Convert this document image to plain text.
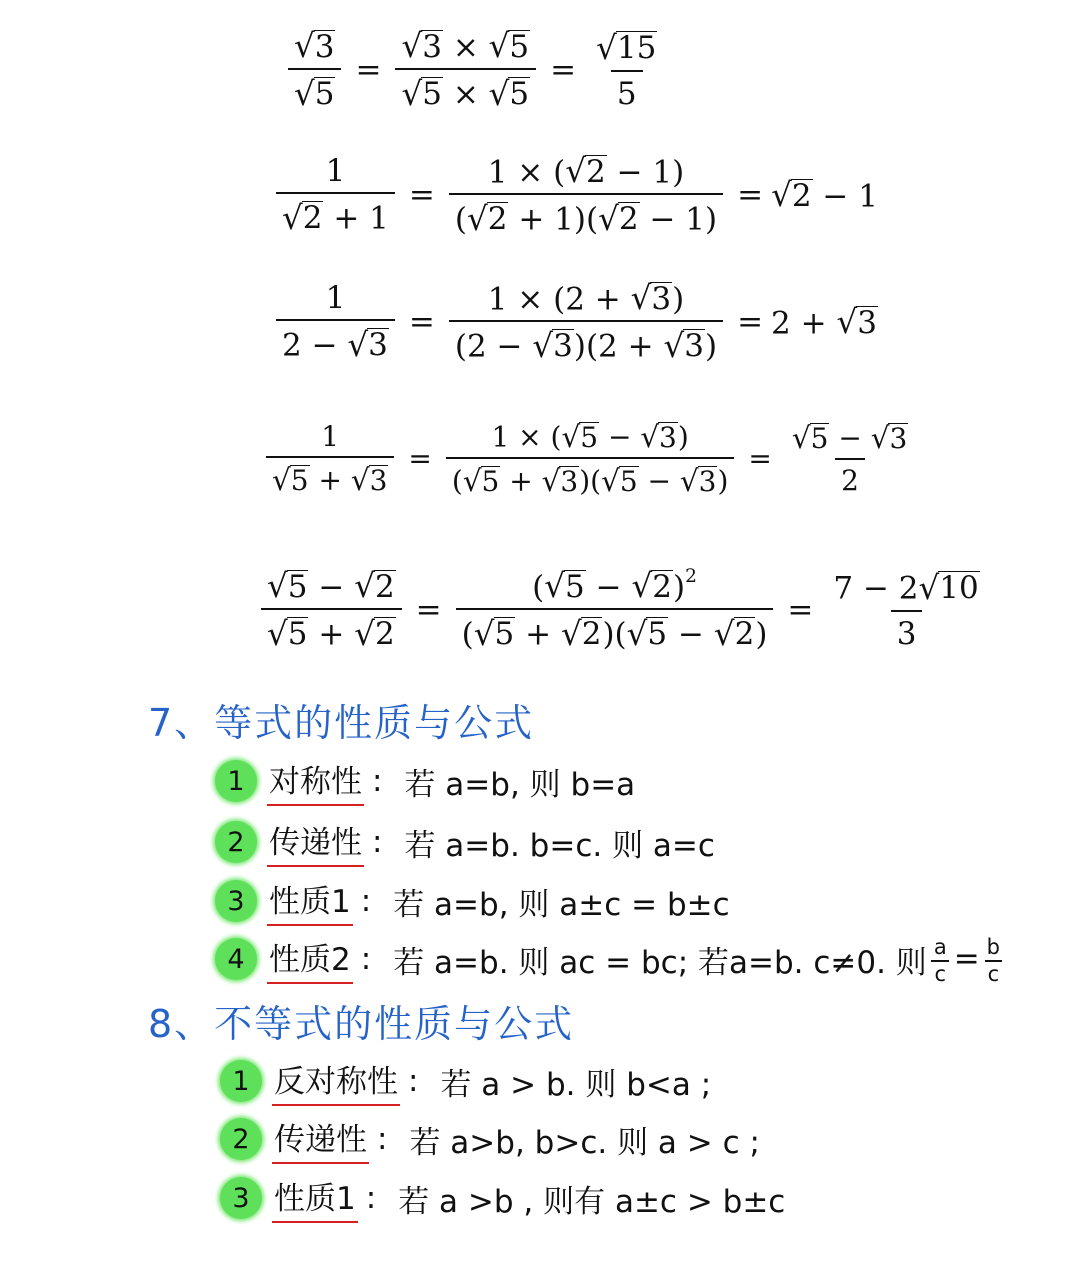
$\frac{√ 3}{√ 5} = \frac{√ 3 \times √ 5}{√ 5 \times √ 5} = \frac{√ 15}{5}$
$\frac{1}{√ 2 + 1} = \frac{1 \times ( √ 2 - 1)}{( √ 2 + 1)( √ 2 - 1)}$ = √ 2 − 1
$\frac{1}{2 - √ 3} = \frac{1 \times (2 + √ 3 )}{(2 - √ 3 )(2 + √ 3 )} = 2$ + √ 3
$\frac{1}{√ 5 + √ 3} = \frac{1 \times ( √ 5 - √ 3 )}{( √ 5 + √ 3 )( √ 5 - √ 3 )} = \frac{√ 5 - √ 3}{2}$
$\frac{√ 5 - √ 2}{√ 5 + √ 2} = \frac{( √ 5 - √ 2 )^2}{( √ 5 + √ 2 )( √ 5 - √ 2 )} = \frac{7 - 2 √ 10}{3}$
7、等式的性质与公式
1 对称性 : 若 a=b, 则 b=a
2 传递性 : 若 a=b. b=c. 则 a=c
3 性质1 : 若 a=b, 则 a±c = b±c
4 性质2 : 若 a=b. 则 ac = bc; 若a=b. c≠0. 则 $\frac{a}{c} = \frac{b}{c}$
8、不等式的性质与公式
1 反对称性 : 若 a > b. 则 b<a ;
2 传递性 : 若 a>b, b>c. 则 a > c ;
3 性质1 : 若 a >b , 则有 a±c > b±c
